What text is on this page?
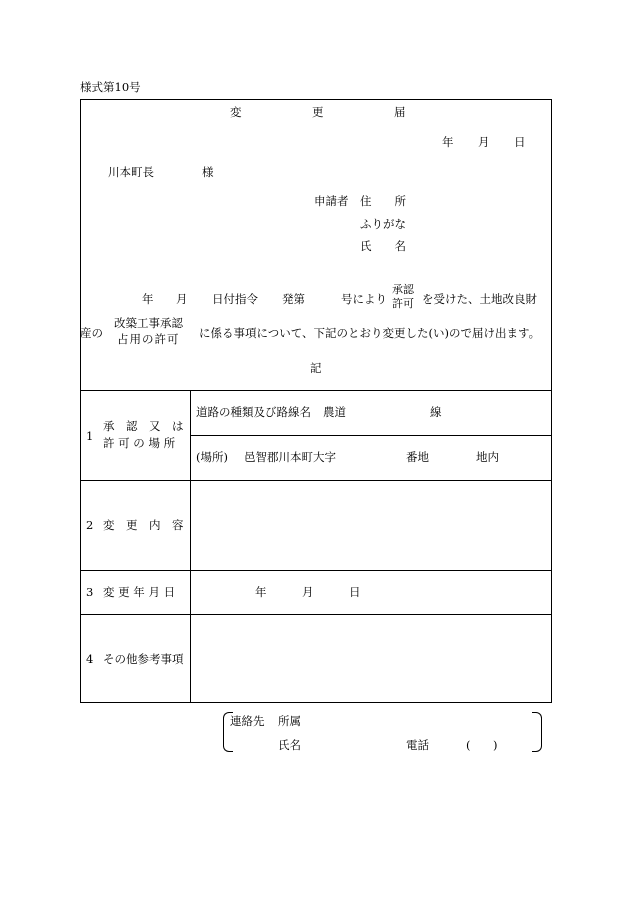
様式第10号
変	更	届
年 月 日
川本町長	様
申請者 住　　所
ふりがな
氏　　名
年 月 日付指令 発第	号により
承認
許可 を受けた、土地改良財
産の
改築工事承認
占用の許可 に係る事項について、下記のとおり変更した(い)ので届け出ます。
記
1
承　認　又　は
許 可 の 場 所
道路の種類及び路線名 農道	線
(場所) 邑智郡川本町大字	番地	地内
2 変　更　内　容
3 変 更 年 月 日	年	月	日
4 その他参考事項
連絡先 所属
氏名	電話	( )
